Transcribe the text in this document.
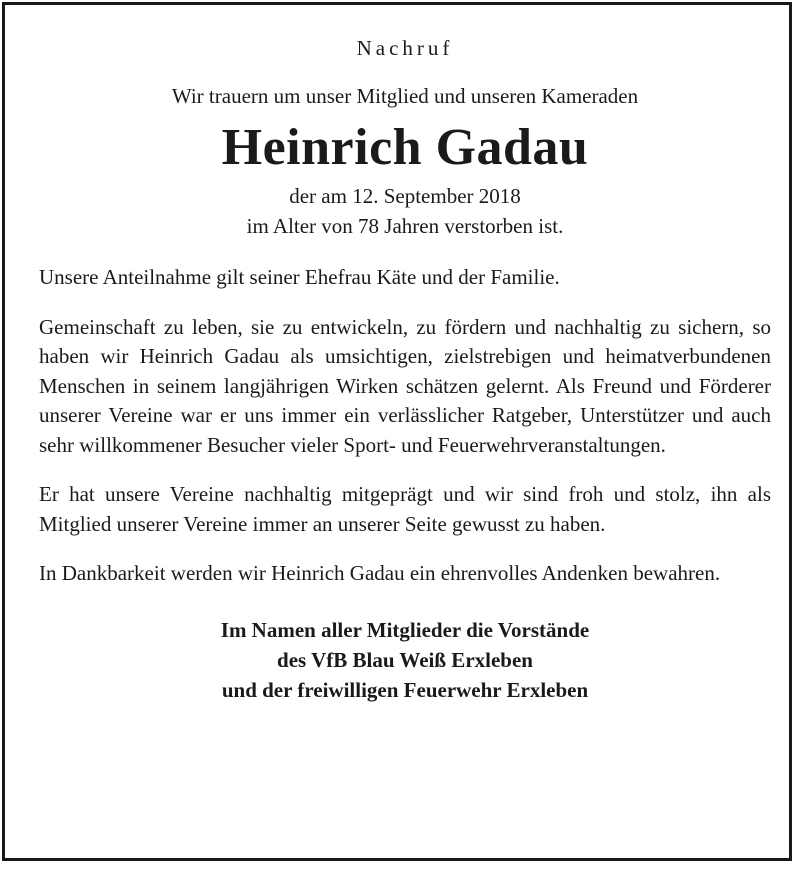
Nachruf

Wir trauern um unser Mitglied und unseren Kameraden

Heinrich Gadau

der am 12. September 2018
im Alter von 78 Jahren verstorben ist.

Unsere Anteilnahme gilt seiner Ehefrau Käte und der Familie.

Gemeinschaft zu leben, sie zu entwickeln, zu fördern und nachhaltig zu sichern, so haben wir Heinrich Gadau als umsichtigen, zielstrebigen und heimatverbundenen Menschen in seinem langjährigen Wirken schätzen gelernt. Als Freund und Förderer unserer Vereine war er uns immer ein verlässlicher Ratgeber, Unterstützer und auch sehr willkommener Besucher vieler Sport- und Feuerwehrveranstaltungen.

Er hat unsere Vereine nachhaltig mitgeprägt und wir sind froh und stolz, ihn als Mitglied unserer Vereine immer an unserer Seite gewusst zu haben.

In Dankbarkeit werden wir Heinrich Gadau ein ehrenvolles Andenken bewahren.

Im Namen aller Mitglieder die Vorstände
des VfB Blau Weiß Erxleben
und der freiwilligen Feuerwehr Erxleben
